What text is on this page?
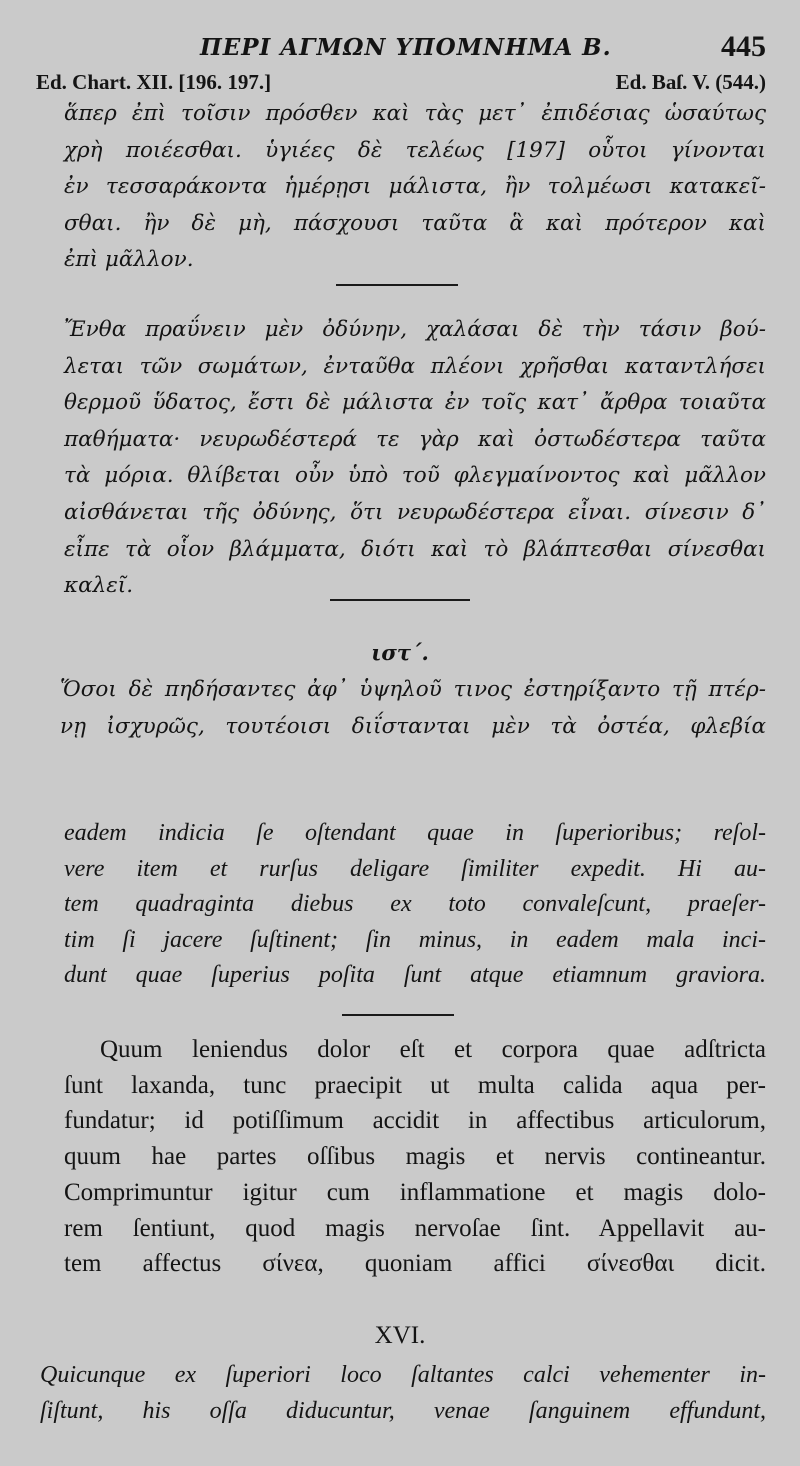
ΠΕΡΙ ΑΓΜΩΝ ΥΠΟΜΝΗΜΑ Β.	445
Ed. Chart. XII. [196. 197.]	Ed. Baſ. V. (544.)
ἅπερ ἐπὶ τοῖσιν πρόσθεν καὶ τὰς μετ᾽ ἐπιδέσιας ὡσαύτως
χρὴ ποιέεσθαι. ὑγιέες δὲ τελέως [197] οὗτοι γίνονται
ἐν τεσσαράκοντα ἡμέρῃσι μάλιστα, ἢν τολμέωσι κατακεῖ-
σθαι. ἢν δὲ μὴ, πάσχουσι ταῦτα ἃ καὶ πρότερον καὶ
ἐπὶ μᾶλλον.
Ἔνθα πραΰνειν μὲν ὀδύνην, χαλάσαι δὲ τὴν τάσιν βού-
λεται τῶν σωμάτων, ἐνταῦθα πλέονι χρῆσθαι καταντλήσει
θερμοῦ ὕδατος, ἔστι δὲ μάλιστα ἐν τοῖς κατ᾽ ἄρθρα τοιαῦτα
παθήματα· νευρωδέστερά τε γὰρ καὶ ὀστωδέστερα ταῦτα
τὰ μόρια. θλίβεται οὖν ὑπὸ τοῦ φλεγμαίνοντος καὶ μᾶλλον
αἰσθάνεται τῆς ὀδύνης, ὅτι νευρωδέστερα εἶναι. σίνεσιν δ᾽
εἶπε τὰ οἷον βλάμματα, διότι καὶ τὸ βλάπτεσθαι σίνεσθαι
καλεῖ.
ιστ΄.
Ὅσοι δὲ πηδήσαντες ἀφ᾽ ὑψηλοῦ τινος ἐστηρίξαντο τῇ πτέρ-
νῃ ἰσχυρῶς, τουτέοισι διΐστανται μὲν τὰ ὀστέα, φλεβία
eadem indicia ſe oſtendant quae in ſuperioribus; reſol-
vere item et rurſus deligare ſimiliter expedit. Hi au-
tem quadraginta diebus ex toto convaleſcunt, praeſer-
tim ſi jacere ſuſtinent; ſin minus, in eadem mala inci-
dunt quae ſuperius poſita ſunt atque etiamnum graviora.
Quum leniendus dolor eſt et corpora quae adſtricta
ſunt laxanda, tunc praecipit ut multa calida aqua per-
fundatur; id potiſſimum accidit in affectibus articulorum,
quum hae partes oſſibus magis et nervis contineantur.
Comprimuntur igitur cum inflammatione et magis dolo-
rem ſentiunt, quod magis nervoſae ſint. Appellavit au-
tem affectus σίνεα, quoniam affici σίνεσθαι dicit.
XVI.
Quicunque ex ſuperiori loco ſaltantes calci vehementer in-
ſiſtunt, his oſſa diducuntur, venae ſanguinem effundunt,
